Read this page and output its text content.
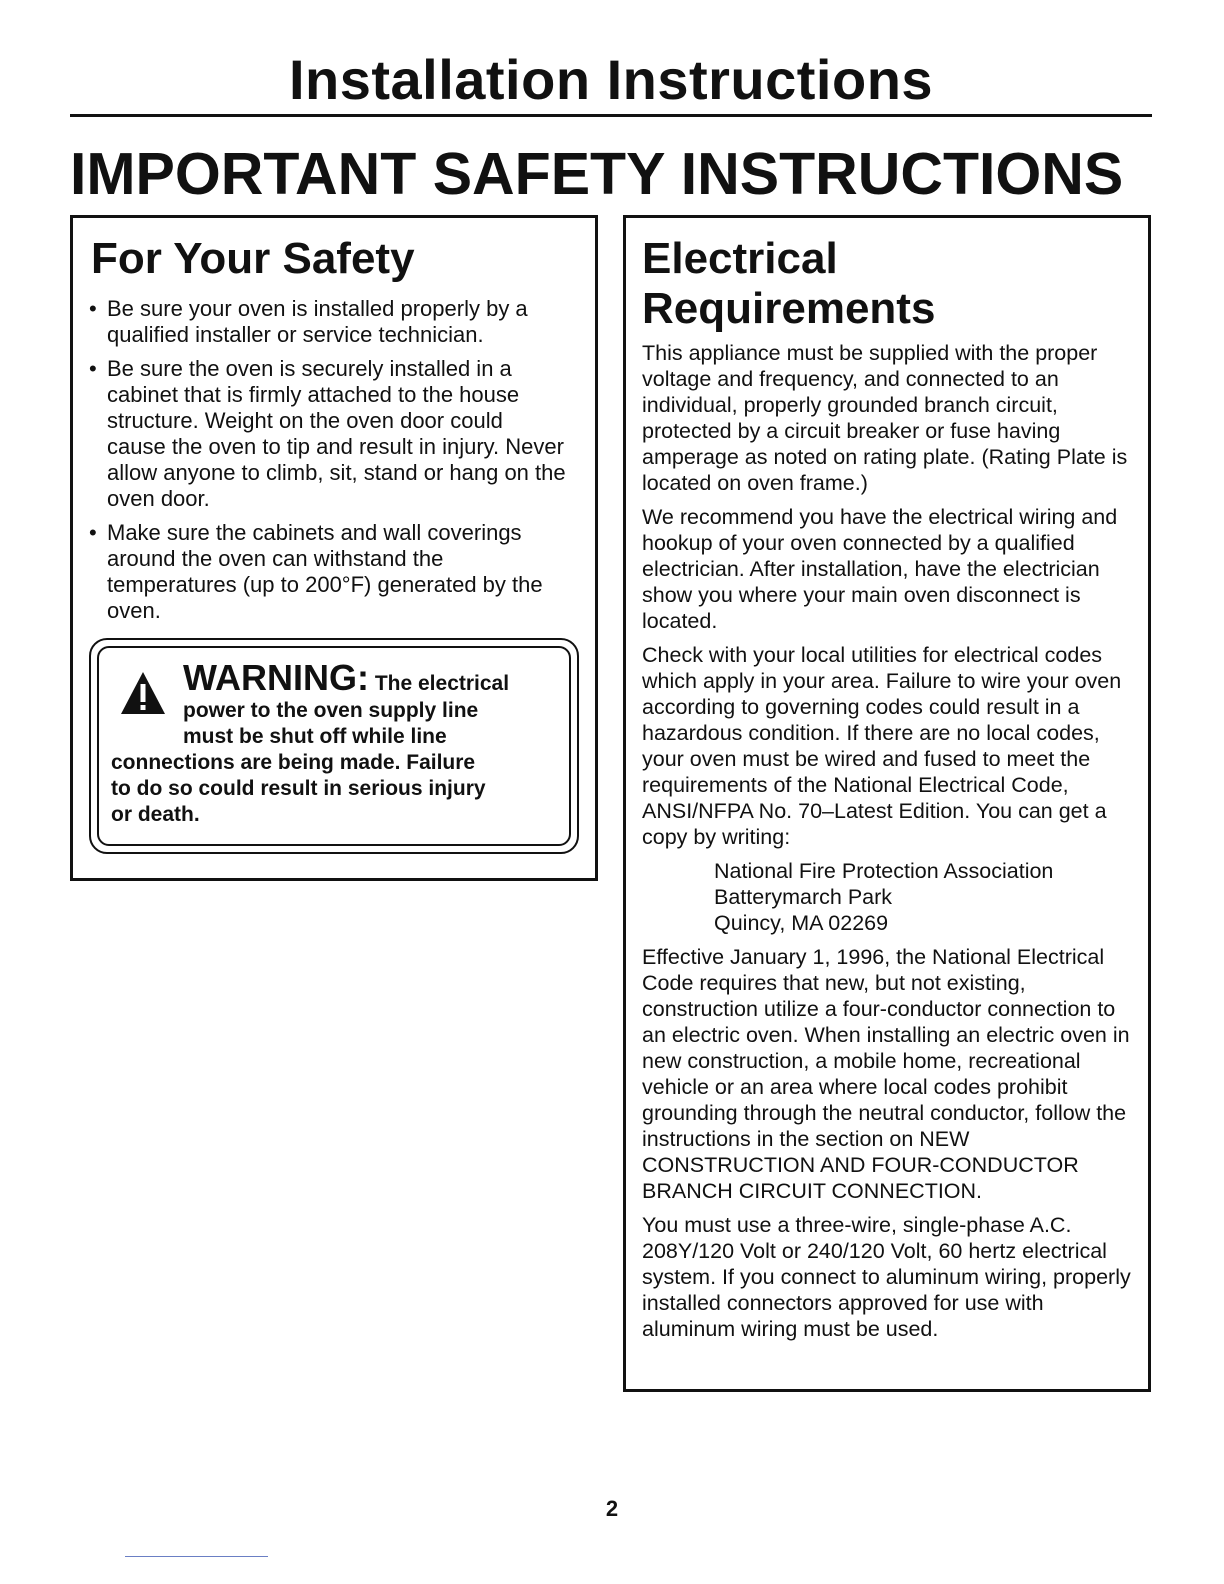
Installation Instructions
IMPORTANT SAFETY INSTRUCTIONS
For Your Safety
• Be sure your oven is installed properly by a qualified installer or service technician.
• Be sure the oven is securely installed in a cabinet that is firmly attached to the house structure. Weight on the oven door could cause the oven to tip and result in injury. Never allow anyone to climb, sit, stand or hang on the oven door.
• Make sure the cabinets and wall coverings around the oven can withstand the temperatures (up to 200°F) generated by the oven.
WARNING: The electrical
power to the oven supply line
must be shut off while line
connections are being made. Failure
to do so could result in serious injury
or death.
Electrical
Requirements

This appliance must be supplied with the proper voltage and frequency, and connected to an individual, properly grounded branch circuit, protected by a circuit breaker or fuse having amperage as noted on rating plate. (Rating Plate is located on oven frame.)

We recommend you have the electrical wiring and hookup of your oven connected by a qualified electrician. After installation, have the electrician show you where your main oven disconnect is located.

Check with your local utilities for electrical codes which apply in your area. Failure to wire your oven according to governing codes could result in a hazardous condition. If there are no local codes, your oven must be wired and fused to meet the requirements of the National Electrical Code, ANSI/NFPA No. 70–Latest Edition. You can get a copy by writing:

National Fire Protection Association
Batterymarch Park
Quincy, MA 02269

Effective January 1, 1996, the National Electrical Code requires that new, but not existing, construction utilize a four-conductor connection to an electric oven. When installing an electric oven in new construction, a mobile home, recreational vehicle or an area where local codes prohibit grounding through the neutral conductor, follow the instructions in the section on NEW CONSTRUCTION AND FOUR-CONDUCTOR BRANCH CIRCUIT CONNECTION.

You must use a three-wire, single-phase A.C. 208Y/120 Volt or 240/120 Volt, 60 hertz electrical system. If you connect to aluminum wiring, properly installed connectors approved for use with aluminum wiring must be used.

2
